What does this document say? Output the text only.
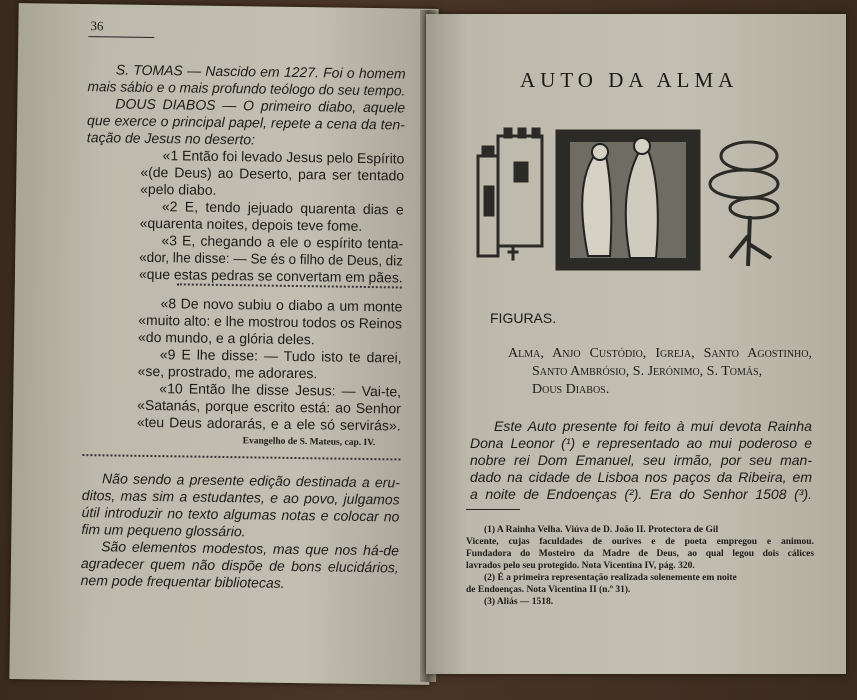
36
S. TOMAS — Nascido em 1227. Foi o homem
mais sábio e o mais profundo teólogo do seu tempo.
DOUS DIABOS — O primeiro diabo, aquele
que exerce o principal papel, repete a cena da ten-
tação de Jesus no deserto:
«1 Então foi levado Jesus pelo Espírito
«(de Deus) ao Deserto, para ser tentado
«pelo diabo.
«2 E, tendo jejuado quarenta dias e
«quarenta noites, depois teve fome.
«3 E, chegando a ele o espírito tenta-
«dor, lhe disse: — Se és o filho de Deus, diz
«que estas pedras se convertam em pães.
«8 De novo subiu o diabo a um monte
«muito alto: e lhe mostrou todos os Reinos
«do mundo, e a glória deles.
«9 E lhe disse: — Tudo isto te darei,
«se, prostrado, me adorares.
«10 Então lhe disse Jesus: — Vai-te,
«Satanás, porque escrito está: ao Senhor
«teu Deus adorarás, e a ele só servirás».
Evangelho de S. Mateus, cap. IV.
Não sendo a presente edição destinada a eru-
ditos, mas sim a estudantes, e ao povo, julgamos
útil introduzir no texto algumas notas e colocar no
fim um pequeno glossário.
São elementos modestos, mas que nos há-de
agradecer quem não dispõe de bons elucidários,
nem pode frequentar bibliotecas.
AUTO DA ALMA
FIGURAS.
Alma, Anjo Custódio, Igreja, Santo Agostinho,
Santo Ambrósio, S. Jerónimo, S. Tomás,
Dous Diabos.
Este Auto presente foi feito à mui devota Rainha
Dona Leonor (¹) e representado ao mui poderoso e
nobre rei Dom Emanuel, seu irmão, por seu man-
dado na cidade de Lisboa nos paços da Ribeira, em
a noite de Endoenças (²). Era do Senhor 1508 (³).
(1) A Rainha Velha. Viúva de D. João II. Protectora de Gil
Vicente, cujas faculdades de ourives e de poeta empregou e animou.
Fundadora do Mosteiro da Madre de Deus, ao qual legou dois cálices
lavrados pelo seu protegido. Nota Vicentina IV, pág. 320.
(2) É a primeira representação realizada solenemente em noite
de Endoenças. Nota Vicentina II (n.º 31).
(3) Aliás — 1518.
